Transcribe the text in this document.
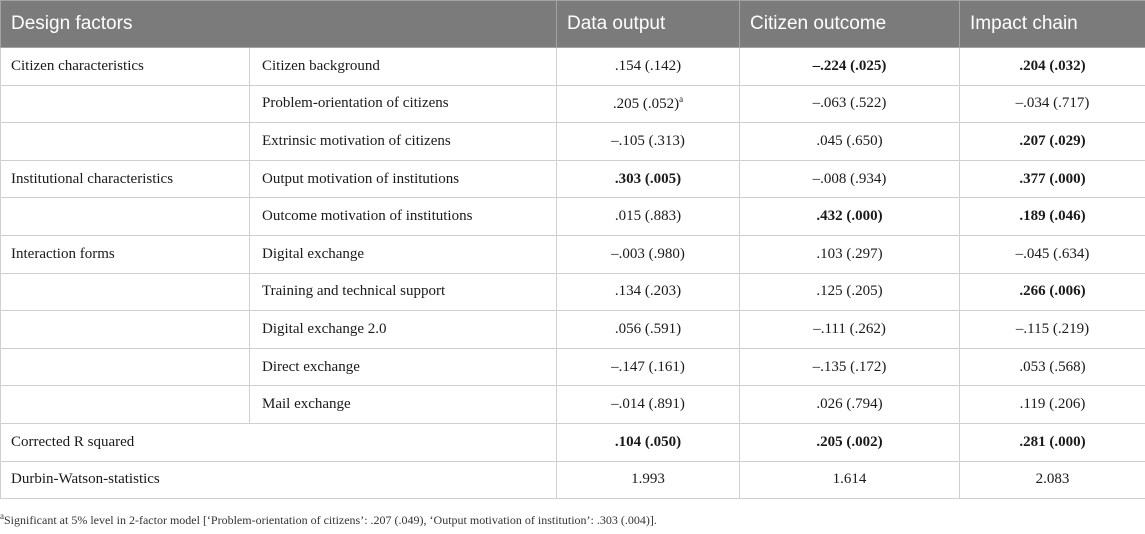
Design factors		Data output	Citizen outcome	Impact chain
Citizen characteristics	Citizen background	.154 (.142)	–.224 (.025)	.204 (.032)
	Problem-orientation of citizens	.205 $(.052)^a$	–.063 (.522)	–.034 (.717)
	Extrinsic motivation of citizens	–.105 (.313)	.045 (.650)	.207 (.029)
Institutional characteristics	Output motivation of institutions	.303 (.005)	–.008 (.934)	.377 (.000)
	Outcome motivation of institutions	.015 (.883)	.432 (.000)	.189 (.046)
Interaction forms	Digital exchange	–.003 (.980)	.103 (.297)	–.045 (.634)
	Training and technical support	.134 (.203)	.125 (.205)	.266 (.006)
	Digital exchange 2.0	.056 (.591)	–.111 (.262)	–.115 (.219)
	Direct exchange	–.147 (.161)	–.135 (.172)	.053 (.568)
	Mail exchange	–.014 (.891)	.026 (.794)	.119 (.206)
Corrected R squared		.104 (.050)	.205 (.002)	.281 (.000)
Durbin-Watson-statistics		1.993	1.614	2.083
$^a$Significant at 5% level in 2-factor model [‘Problem-orientation of citizens’: .207 (.049), ‘Output motivation of institution’: .303 (.004)].
